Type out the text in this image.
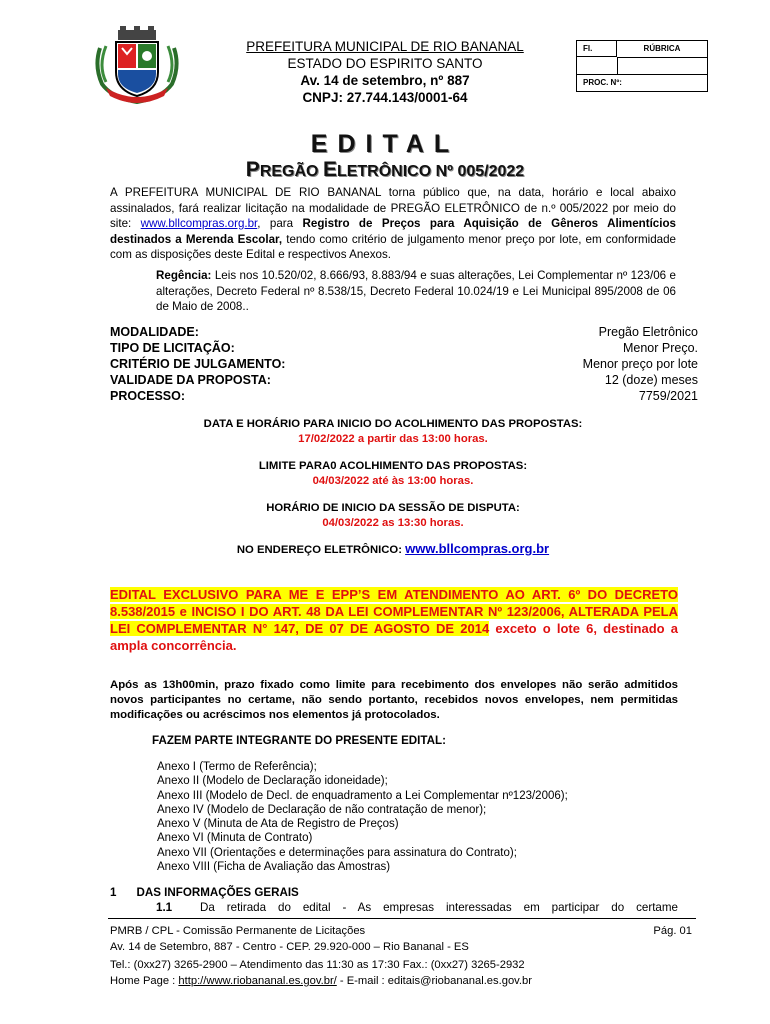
PREFEITURA MUNICIPAL DE RIO BANANAL
ESTADO DO ESPIRITO SANTO
Av. 14 de setembro, nº 887
CNPJ: 27.744.143/0001-64
Fl.	RÚBRICA
PROC. Nº:
EDITAL
PREGÃO ELETRÔNICO Nº 005/2022
A PREFEITURA MUNICIPAL DE RIO BANANAL torna público que, na data, horário e local abaixo assinalados, fará realizar licitação na modalidade de PREGÃO ELETRÔNICO de n.º 005/2022 por meio do site: www.bllcompras.org.br, para Registro de Preços para Aquisição de Gêneros Alimentícios destinados a Merenda Escolar, tendo como critério de julgamento menor preço por lote, em conformidade com as disposições deste Edital e respectivos Anexos.
Regência: Leis nos 10.520/02, 8.666/93, 8.883/94 e suas alterações, Lei Complementar nº 123/06 e alterações, Decreto Federal nº 8.538/15, Decreto Federal 10.024/19 e Lei Municipal 895/2008 de 06 de Maio de 2008..
MODALIDADE:	Pregão Eletrônico
TIPO DE LICITAÇÃO:	Menor Preço.
CRITÉRIO DE JULGAMENTO:	Menor preço por lote
VALIDADE DA PROPOSTA:	12 (doze) meses
PROCESSO:	7759/2021
DATA E HORÁRIO PARA INICIO DO ACOLHIMENTO DAS PROPOSTAS:
17/02/2022 a partir das 13:00 horas.
LIMITE PARA0 ACOLHIMENTO DAS PROPOSTAS:
04/03/2022 até às 13:00 horas.
HORÁRIO DE INICIO DA SESSÃO DE DISPUTA:
04/03/2022 as 13:30 horas.
NO ENDEREÇO ELETRÔNICO: www.bllcompras.org.br
EDITAL EXCLUSIVO PARA ME E EPP’S EM ATENDIMENTO AO ART. 6º DO DECRETO 8.538/2015 e INCISO I DO ART. 48 DA LEI COMPLEMENTAR Nº 123/2006, ALTERADA PELA LEI COMPLEMENTAR N° 147, DE 07 DE AGOSTO DE 2014 exceto o lote 6, destinado a ampla concorrência.
Após as 13h00min, prazo fixado como limite para recebimento dos envelopes não serão admitidos novos participantes no certame, não sendo portanto, recebidos novos envelopes, nem permitidas modificações ou acréscimos nos elementos já protocolados.
FAZEM PARTE INTEGRANTE DO PRESENTE EDITAL:
Anexo I (Termo de Referência);
Anexo II (Modelo de Declaração idoneidade);
Anexo III (Modelo de Decl. de enquadramento a Lei Complementar nº123/2006);
Anexo IV (Modelo de Declaração de não contratação de menor);
Anexo V (Minuta de Ata de Registro de Preços)
Anexo VI (Minuta de Contrato)
Anexo VII (Orientações e determinações para assinatura do Contrato);
Anexo VIII (Ficha de Avaliação das Amostras)
1 DAS INFORMAÇÕES GERAIS
1.1	Da retirada do edital - As empresas interessadas em participar do certame
PMRB / CPL - Comissão Permanente de Licitações	Pág. 01
Av. 14 de Setembro, 887 - Centro - CEP. 29.920-000 – Rio Bananal - ES
Tel.: (0xx27) 3265-2900 – Atendimento das 11:30 as 17:30 Fax.: (0xx27) 3265-2932
Home Page : http://www.riobananal.es.gov.br/ - E-mail : editais@riobananal.es.gov.br
